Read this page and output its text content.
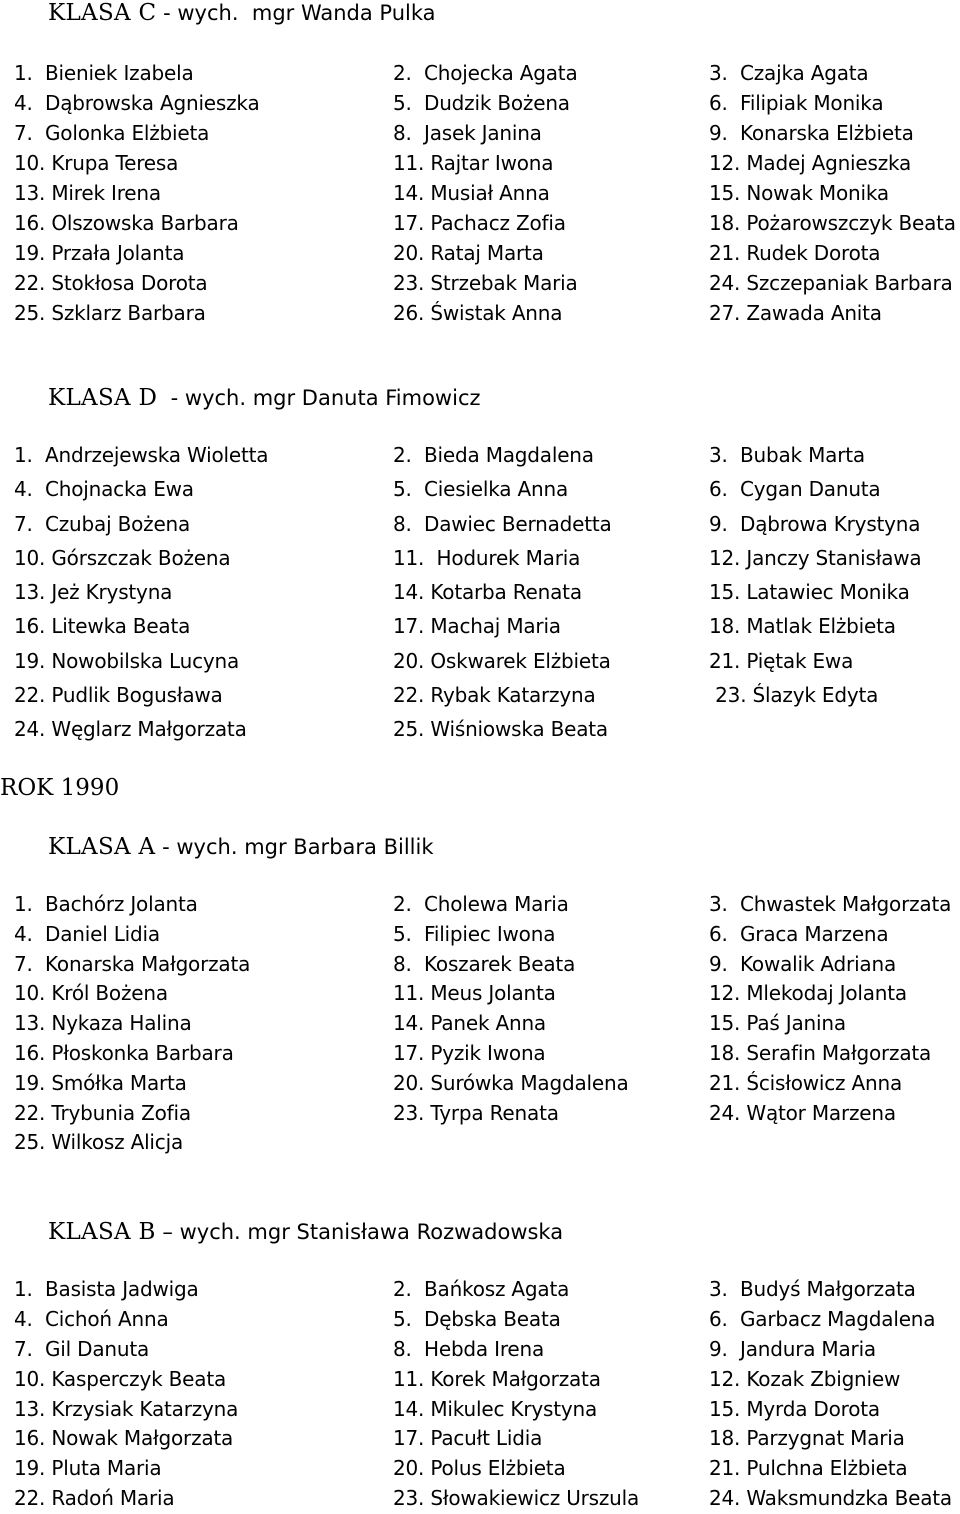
KLASA C - wych.  mgr Wanda Pulka
1.  Bieniek Izabela	2.  Chojecka Agata	3.  Czajka Agata
4.  Dąbrowska Agnieszka	5.  Dudzik Bożena	6.  Filipiak Monika
7.  Golonka Elżbieta	8.  Jasek Janina	9.  Konarska Elżbieta
10. Krupa Teresa	11. Rajtar Iwona	12. Madej Agnieszka
13. Mirek Irena	14. Musiał Anna	15. Nowak Monika
16. Olszowska Barbara	17. Pachacz Zofia	18. Pożarowszczyk Beata
19. Przała Jolanta	20. Rataj Marta	21. Rudek Dorota
22. Stokłosa Dorota	23. Strzebak Maria	24. Szczepaniak Barbara
25. Szklarz Barbara	26. Świstak Anna	27. Zawada Anita
KLASA D  - wych. mgr Danuta Fimowicz
1.  Andrzejewska Wioletta	2.  Bieda Magdalena	3.  Bubak Marta
4.  Chojnacka Ewa	5.  Ciesielka Anna	6.  Cygan Danuta
7.  Czubaj Bożena	8.  Dawiec Bernadetta	9.  Dąbrowa Krystyna
10. Górszczak Bożena	11.  Hodurek Maria	12. Janczy Stanisława
13. Jeż Krystyna	14. Kotarba Renata	15. Latawiec Monika
16. Litewka Beata	17. Machaj Maria	18. Matlak Elżbieta
19. Nowobilska Lucyna	20. Oskwarek Elżbieta	21. Piętak Ewa
22. Pudlik Bogusława	22. Rybak Katarzyna	23. Ślazyk Edyta
24. Węglarz Małgorzata	25. Wiśniowska Beata
ROK 1990
KLASA A - wych. mgr Barbara Billik
1.  Bachórz Jolanta	2.  Cholewa Maria	3.  Chwastek Małgorzata
4.  Daniel Lidia	5.  Filipiec Iwona	6.  Graca Marzena
7.  Konarska Małgorzata	8.  Koszarek Beata	9.  Kowalik Adriana
10. Król Bożena	11. Meus Jolanta	12. Mlekodaj Jolanta
13. Nykaza Halina	14. Panek Anna	15. Paś Janina
16. Płoskonka Barbara	17. Pyzik Iwona	18. Serafin Małgorzata
19. Smółka Marta	20. Surówka Magdalena	21. Ścisłowicz Anna
22. Trybunia Zofia	23. Tyrpa Renata	24. Wątor Marzena
25. Wilkosz Alicja
KLASA B – wych. mgr Stanisława Rozwadowska
1.  Basista Jadwiga	2.  Bańkosz Agata	3.  Budyś Małgorzata
4.  Cichoń Anna	5.  Dębska Beata	6.  Garbacz Magdalena
7.  Gil Danuta	8.  Hebda Irena	9.  Jandura Maria
10. Kasperczyk Beata	11. Korek Małgorzata	12. Kozak Zbigniew
13. Krzysiak Katarzyna	14. Mikulec Krystyna	15. Myrda Dorota
16. Nowak Małgorzata	17. Pacułt Lidia	18. Parzygnat Maria
19. Pluta Maria	20. Polus Elżbieta	21. Pulchna Elżbieta
22. Radoń Maria	23. Słowakiewicz Urszula	24. Waksmundzka Beata
